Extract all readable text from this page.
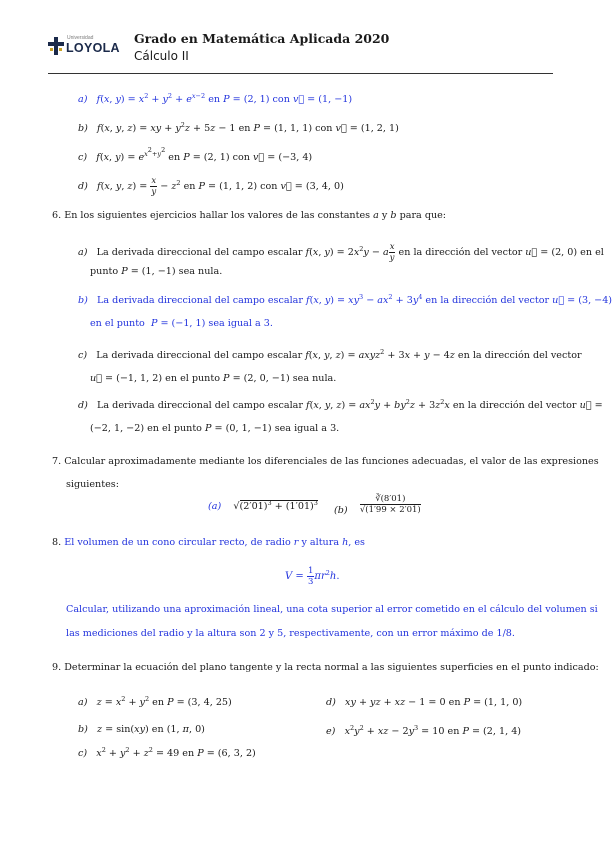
Universidad
LOYOLA
Grado en Matemática Aplicada 2020
Cálculo II
a) f(x, $y) = x^2 + y^2 + e^{x-2}$ en P = (2, 1) con v⃗ = (1, −1)
b) f(x, y, z) = xy + $y^2z + 5z - 1$ en P = (1, 1, 1) con v⃗ = (1, 2, 1)
c) f(x, $y) = e^{x^2+y^2}$ en P = (2, 1) con v⃗ = (−3, 4)
d) f(x, y, $z) = \frac{x}{y} - z^2$ en P = (1, 1, 2) con v⃗ = (3, 4, 0)
6. En los siguientes ejercicios hallar los valores de las constantes a y b para que:
a)   La derivada direccional del campo escalar f(x, $y) = 2x^2y - a \frac{x}{y}$ en la dirección del vector u⃗ = (2, 0) en el
punto P = (1, −1) sea nula.
b)   La derivada direccional del campo escalar f(x, $y) = xy^3 - ax^2 + 3y^4$ en la dirección del vector u⃗ = (3, −4)
en el punto  P = (−1, 1) sea igual a 3.
c)   La derivada direccional del campo escalar f(x, y, z) = axyz$^2$ + 3x + y − 4z en la dirección del vector
u⃗ = (−1, 1, 2) en el punto P = (2, 0, −1) sea nula.
d)   La derivada direccional del campo escalar f(x, y, $z) = ax^2y + by^2z + 3z^2x$ en la dirección del vector u⃗ =
(−2, 1, −2) en el punto P = (0, 1, −1) sea igual a 3.
7. Calcular aproximadamente mediante los diferenciales de las funciones adecuadas, el valor de las expresiones
siguientes:
(a) $√(2'01)^3 + (1'01)^3$
$(b) \frac{∛(8'01)}{√(1'99 \times 2'01)}$
8. El volumen de un cono circular recto, de radio r y altura h, es
$V = \frac{1}{3} \pi r^2h$.
Calcular, utilizando una aproximación lineal, una cota superior al error cometido en el cálculo del volumen si
las mediciones del radio y la altura son 2 y 5, respectivamente, con un error máximo de 1/8.
9. Determinar la ecuación del plano tangente y la recta normal a las siguientes superficies en el punto indicado:
a) $z = x^2 + y^2$ en P = (3, 4, 25)
b) z = sin(xy) en (1, π, 0)
c) $x^2 + y^2 + z^2 = 49$ en P = (6, 3, 2)
d) xy + yz + xz − 1 = 0 en P = (1, 1, 0)
e) $x^2y^2$ + xz − $2y^3 = 10$ en P = (2, 1, 4)
